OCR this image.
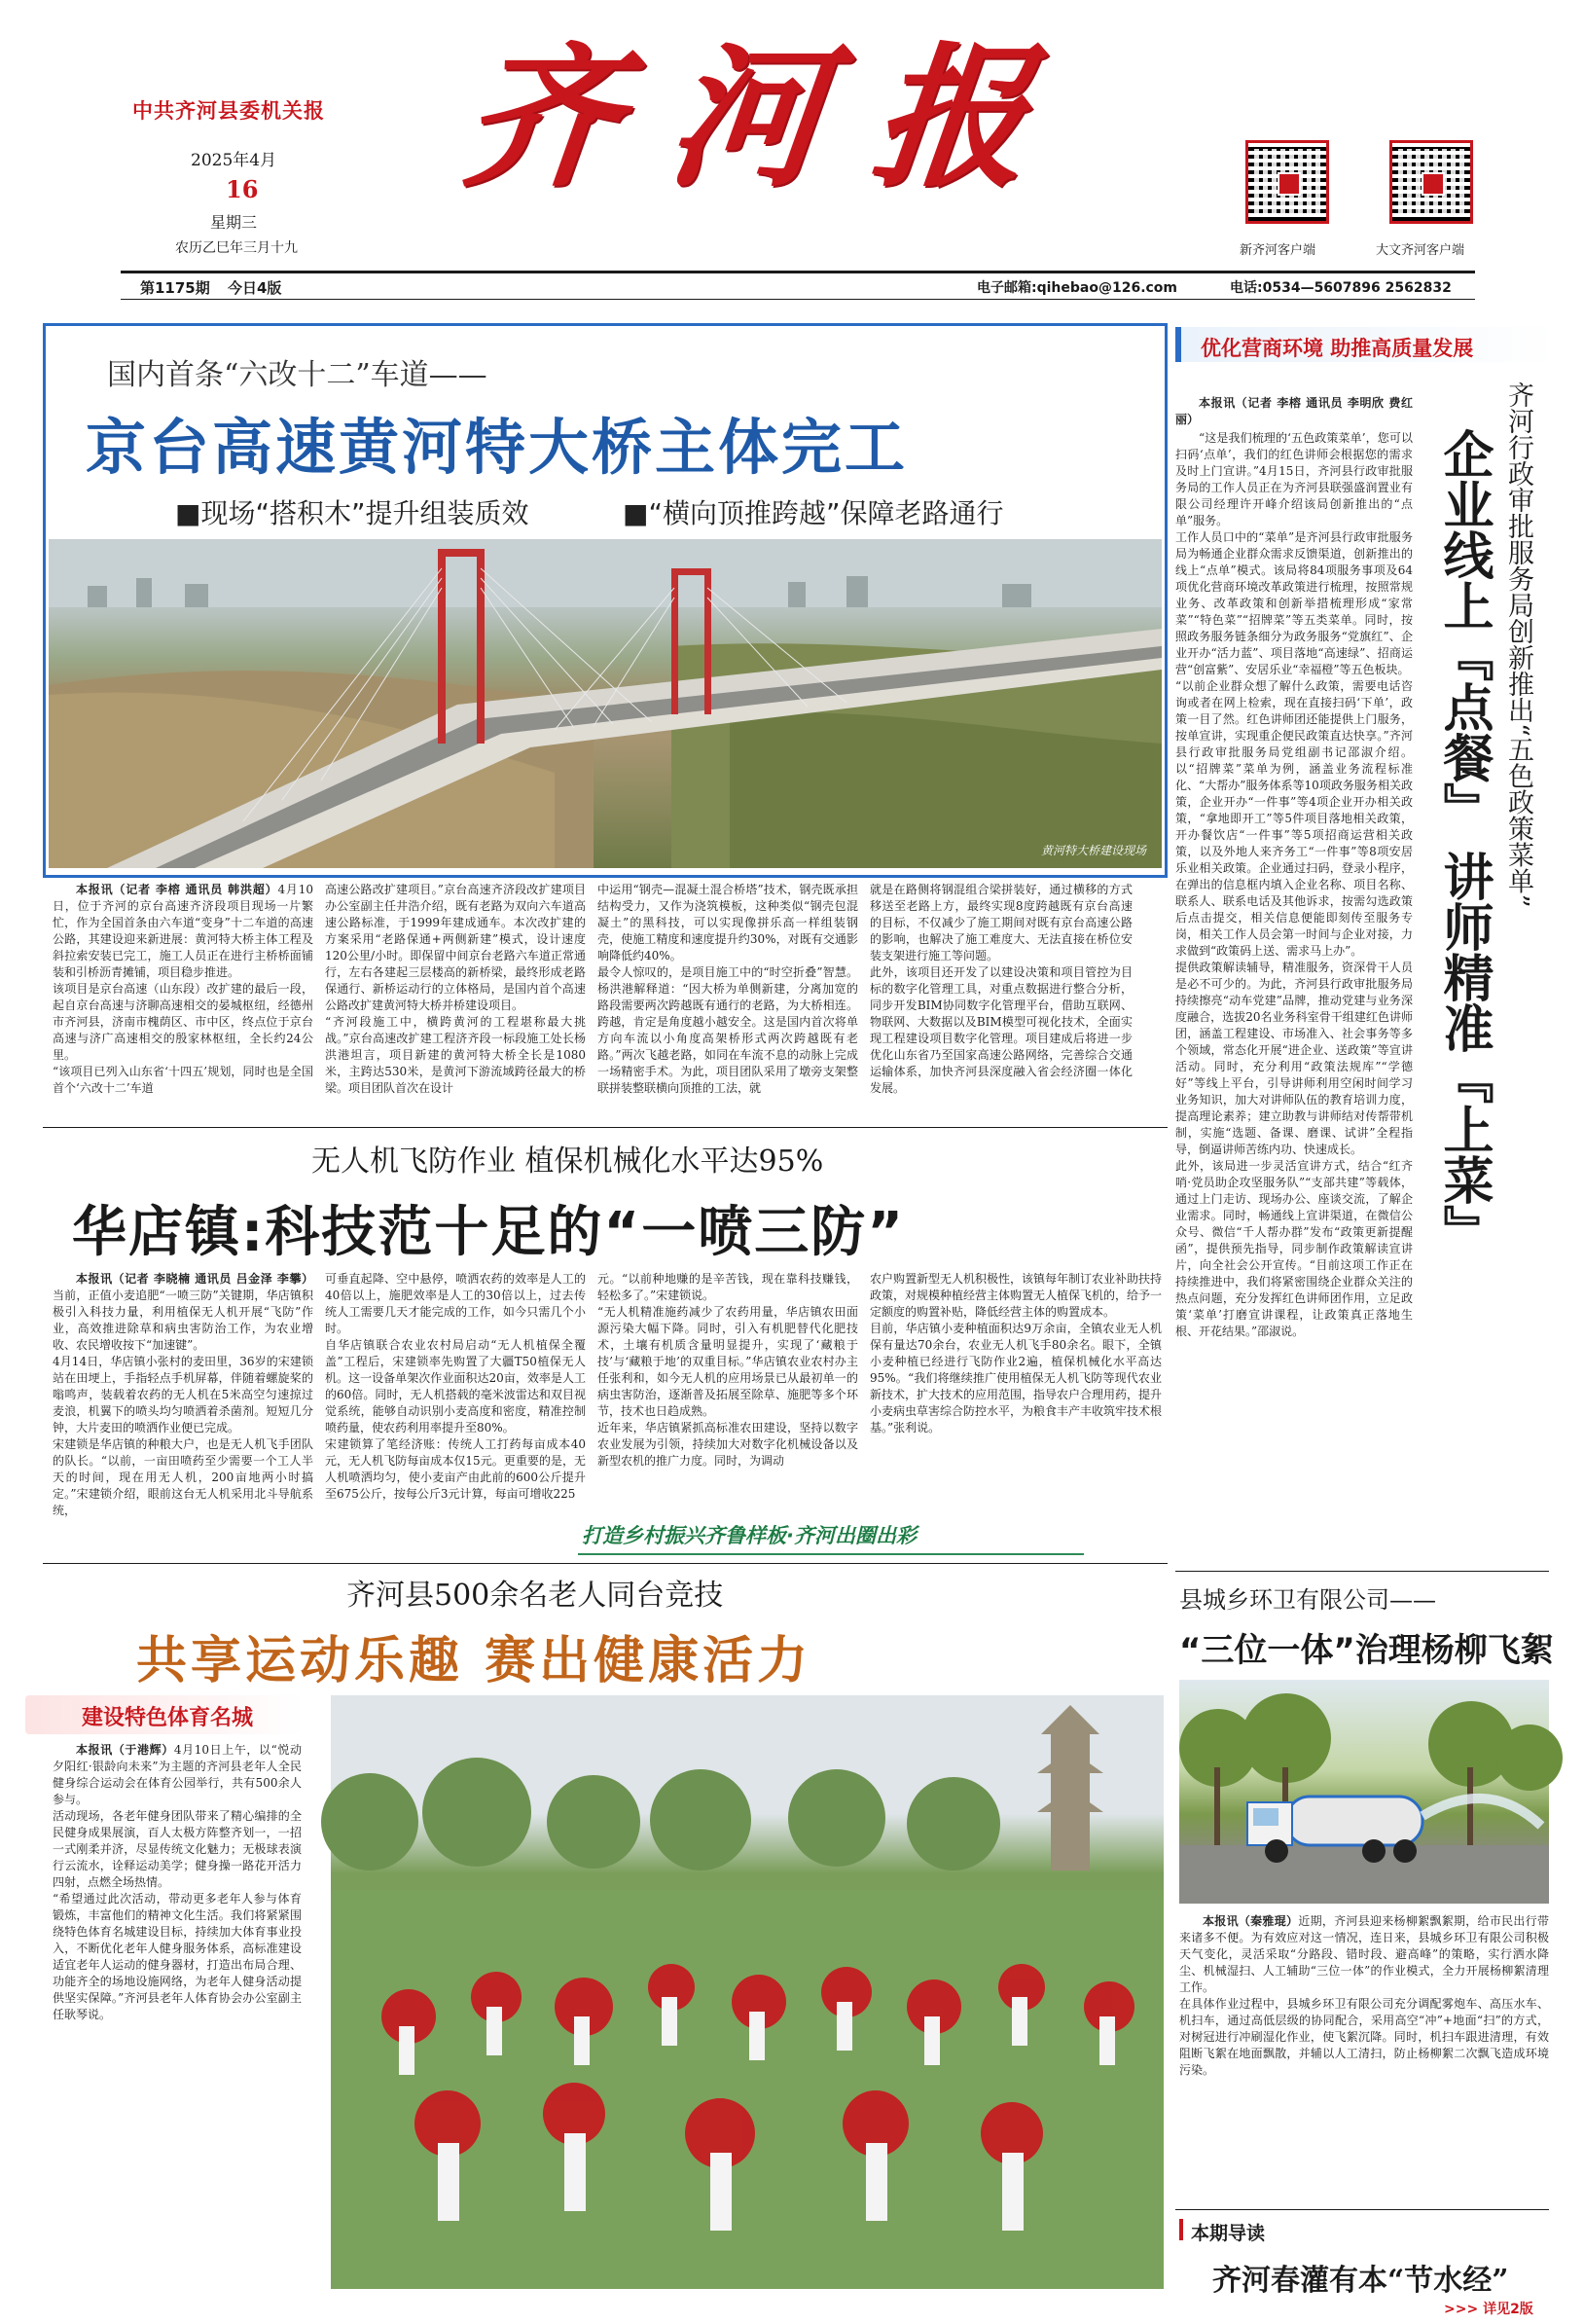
中共齐河县委机关报
2025年4月
16
星期三
农历乙巳年三月十九
齐河报
新齐河客户端	大文齐河客户端
第1175期 今日4版	电子邮箱:qihebao@126.com	电话:0534—5607896 2562832
国内首条“六改十二”车道——
京台高速黄河特大桥主体完工
■现场“搭积木”提升组装质效	■“横向顶推跨越”保障老路通行
黄河特大桥建设现场

本报讯（记者 李榕 通讯员 韩洪超）4月10日，位于齐河的京台高速齐济段项目现场一片繁忙，作为全国首条由六车道“变身”十二车道的高速公路，其建设迎来新进展：黄河特大桥主体工程及斜拉索安装已完工，施工人员正在进行主桥桥面铺装和引桥沥青摊铺，项目稳步推进。
该项目是京台高速（山东段）改扩建的最后一段，起自京台高速与济聊高速相交的晏城枢纽，经德州市齐河县，济南市槐荫区、市中区，终点位于京台高速与济广高速相交的殷家林枢纽，全长约24公里。
“该项目已列入山东省‘十四五’规划，同时也是全国首个‘六改十二’车道

高速公路改扩建项目。”京台高速齐济段改扩建项目办公室副主任井浩介绍，既有老路为双向六车道高速公路标准，于1999年建成通车。本次改扩建的方案采用“老路保通+两侧新建”模式，设计速度120公里/小时。即保留中间京台老路六车道正常通行，左右各建起三层楼高的新桥梁，最终形成老路保通行、新桥运动行的立体格局，是国内首个高速公路改扩建黄河特大桥并桥建设项目。
“齐河段施工中，横跨黄河的工程堪称最大挑战。”京台高速改扩建工程济齐段一标段施工处长杨洪港坦言，项目新建的黄河特大桥全长是1080米，主跨达530米，是黄河下游流域跨径最大的桥梁。项目团队首次在设计
中运用“钢壳—混凝土混合桥塔”技术，钢壳既承担结构受力，又作为浇筑模板，这种类似“钢壳包混凝土”的黑科技，可以实现像拼乐高一样组装钢壳，使施工精度和速度提升约30%，对既有交通影响降低约40%。
最令人惊叹的，是项目施工中的“时空折叠”智慧。杨洪港解释道：“因大桥为单侧新建，分离加宽的路段需要两次跨越既有通行的老路，为大桥相连。跨越，肯定是角度越小越安全。这是国内首次将单方向车流以小角度高架桥形式两次跨越既有老路。”两次飞越老路，如同在车流不息的动脉上完成一场精密手术。为此，项目团队采用了墩旁支架整联拼装整联横向顶推的工法，就
就是在路侧将钢混组合梁拼装好，通过横移的方式移送至老路上方，最终实现8度跨越既有京台高速的目标，不仅减少了施工期间对既有京台高速公路的影响，也解决了施工难度大、无法直接在桥位安装支架进行施工等问题。
此外，该项目还开发了以建设决策和项目管控为目标的数字化管理工具，对重点数据进行整合分析，同步开发BIM协同数字化管理平台，借助互联网、物联网、大数据以及BIM模型可视化技术，全面实现工程建设项目数字化管理。项目建成后将进一步优化山东省乃至国家高速公路网络，完善综合交通运输体系，加快齐河县深度融入省会经济圈一体化发展。
优化营商环境 助推高质量发展
齐河行政审批服务局创新推出“五色政策菜单”
企业线上『点餐』 讲师精准『上菜』

本报讯（记者 李榕 通讯员 李明欣 费红丽）

“这是我们梳理的‘五色政策菜单’，您可以扫码‘点单’，我们的红色讲师会根据您的需求及时上门宣讲。”4月15日，齐河县行政审批服务局的工作人员正在为齐河县联强盛润置业有限公司经理许开峰介绍该局创新推出的“点单”服务。
工作人员口中的“菜单”是齐河县行政审批服务局为畅通企业群众需求反馈渠道，创新推出的线上“点单”模式。该局将84项服务事项及64项优化营商环境改革政策进行梳理，按照常规业务、改革政策和创新举措梳理形成“家常菜”“特色菜”“招牌菜”等五类菜单。同时，按照政务服务链条细分为政务服务“党旗红”、企业开办“活力蓝”、项目落地“高速绿”、招商运营“创富紫”、安居乐业“幸福橙”等五色板块。
“以前企业群众想了解什么政策，需要电话咨询或者在网上检索，现在直接扫码‘下单’，政策一目了然。红色讲师团还能提供上门服务，按单宣讲，实现重企便民政策直达快享。”齐河县行政审批服务局党组副书记邵淑介绍。以“招牌菜”菜单为例，涵盖业务流程标准化、“大帮办”服务体系等10项政务服务相关政策，企业开办“一件事”等4项企业开办相关政策，“拿地即开工”等5件项目落地相关政策，开办餐饮店“一件事”等5项招商运营相关政策，以及外地人来齐务工“一件事”等8项安居乐业相关政策。企业通过扫码，登录小程序，在弹出的信息框内填入企业名称、项目名称、联系人、联系电话及其他诉求，按需勾选政策后点击提交，相关信息便能即刻传至服务专岗，相关工作人员会第一时间与企业对接，力求做到“政策码上送、需求马上办”。
提供政策解读辅导，精准服务，资深骨干人员是必不可少的。为此，齐河县行政审批服务局持续擦亮“动车党建”品牌，推动党建与业务深度融合，选拔20名业务科室骨干组建红色讲师团，涵盖工程建设、市场准入、社会事务等多个领域，常态化开展“进企业、送政策”等宣讲活动。同时，充分利用“政策法规库”“学德好”等线上平台，引导讲师利用空闲时间学习业务知识，加大对讲师队伍的教育培训力度，提高理论素养；建立助教与讲师结对传帮带机制，实施“选题、备课、磨课、试讲”全程指导，倒逼讲师苦练内功、快速成长。
此外，该局进一步灵活宣讲方式，结合“红齐哨·党员助企攻坚服务队”“支部共建”等载体，通过上门走访、现场办公、座谈交流，了解企业需求。同时，畅通线上宣讲渠道，在微信公众号、微信“千人帮办群”发布“政策更新提醒函”，提供预先指导，同步制作政策解读宣讲片，向全社会公开宣传。“目前这项工作正在持续推进中，我们将紧密围绕企业群众关注的热点问题，充分发挥红色讲师团作用，立足政策‘菜单’打磨宣讲课程，让政策真正落地生根、开花结果。”邵淑说。
无人机飞防作业 植保机械化水平达95%
华店镇:科技范十足的“一喷三防”

本报讯（记者 李晓楠 通讯员 吕金泽 李攀）当前，正值小麦追肥“一喷三防”关键期，华店镇积极引入科技力量，利用植保无人机开展“飞防”作业，高效推进除草和病虫害防治工作，为农业增收、农民增收按下“加速键”。
4月14日，华店镇小张村的麦田里，36岁的宋建锁站在田埂上，手指轻点手机屏幕，伴随着螺旋桨的嗡鸣声，装载着农药的无人机在5米高空匀速掠过麦浪，机翼下的喷头均匀喷洒着杀菌剂。短短几分钟，大片麦田的喷洒作业便已完成。
宋建锁是华店镇的种粮大户，也是无人机飞手团队的队长。“以前，一亩田喷药至少需要一个工人半天的时间，现在用无人机，200亩地两小时搞定。”宋建锁介绍，眼前这台无人机采用北斗导航系统，

可垂直起降、空中悬停，喷洒农药的效率是人工的40倍以上，施肥效率是人工的30倍以上，过去传统人工需要几天才能完成的工作，如今只需几个小时。
自华店镇联合农业农村局启动“无人机植保全覆盖”工程后，宋建锁率先购置了大疆T50植保无人机。这一设备单架次作业面积达20亩，效率是人工的60倍。同时，无人机搭载的毫米波雷达和双目视觉系统，能够自动识别小麦高度和密度，精准控制喷药量，使农药利用率提升至80%。
宋建锁算了笔经济账：传统人工打药每亩成本40元，无人机飞防每亩成本仅15元。更重要的是，无人机喷洒均匀，使小麦亩产由此前的600公斤提升至675公斤，按每公斤3元计算，每亩可增收225
元。“以前种地赚的是辛苦钱，现在靠科技赚钱，轻松多了。”宋建锁说。
“无人机精准施药减少了农药用量，华店镇农田面源污染大幅下降。同时，引入有机肥替代化肥技术，土壤有机质含量明显提升，实现了‘藏粮于技’与‘藏粮于地’的双重目标。”华店镇农业农村办主任张利和，如今无人机的应用场景已从最初单一的病虫害防治，逐渐普及拓展至除草、施肥等多个环节，技术也日趋成熟。
近年来，华店镇紧抓高标准农田建设，坚持以数字农业发展为引领，持续加大对数字化机械设备以及新型农机的推广力度。同时，为调动
农户购置新型无人机积极性，该镇每年制订农业补助扶持政策，对规模种植经营主体购置无人植保飞机的，给予一定额度的购置补贴，降低经营主体的购置成本。
目前，华店镇小麦种植面积达9万余亩，全镇农业无人机保有量达70余台，农业无人机飞手80余名。眼下，全镇小麦种植已经进行飞防作业2遍，植保机械化水平高达95%。“我们将继续推广使用植保无人机飞防等现代农业新技术，扩大技术的应用范围，指导农户合理用药，提升小麦病虫草害综合防控水平，为粮食丰产丰收筑牢技术根基。”张利说。
打造乡村振兴齐鲁样板·齐河出圈出彩
县城乡环卫有限公司——
“三位一体”治理杨柳飞絮

本报讯（秦雅琨）近期，齐河县迎来杨柳絮飘絮期，给市民出行带来诸多不便。为有效应对这一情况，连日来，县城乡环卫有限公司积极天气变化，灵活采取“分路段、错时段、避高峰”的策略，实行洒水降尘、机械湿扫、人工辅助“三位一体”的作业模式，全力开展杨柳絮清理工作。
在具体作业过程中，县城乡环卫有限公司充分调配雾炮车、高压水车、机扫车，通过高低层级的协同配合，采用高空“冲”+地面“扫”的方式，对树冠进行冲刷湿化作业，使飞絮沉降。同时，机扫车跟进清理，有效阻断飞絮在地面飘散，并辅以人工清扫，防止杨柳絮二次飘飞造成环境污染。

齐河县500余名老人同台竞技
共享运动乐趣 赛出健康活力
建设特色体育名城

本报讯（于港辉）4月10日上午，以“悦动夕阳红·银龄向未来”为主题的齐河县老年人全民健身综合运动会在体育公园举行，共有500余人参与。
活动现场，各老年健身团队带来了精心编排的全民健身成果展演，百人太极方阵整齐划一，一招一式刚柔并济，尽显传统文化魅力；无极球表演行云流水，诠释运动美学；健身操一路花开活力四射，点燃全场热情。
“希望通过此次活动，带动更多老年人参与体育锻炼，丰富他们的精神文化生活。我们将紧紧围绕特色体育名城建设目标，持续加大体育事业投入，不断优化老年人健身服务体系，高标准建设适宜老年人运动的健身器材，打造出布局合理、功能齐全的场地设施网络，为老年人健身活动提供坚实保障。”齐河县老年人体育协会办公室副主任耿琴说。

本期导读
齐河春灌有本“节水经”
>>> 详见2版
